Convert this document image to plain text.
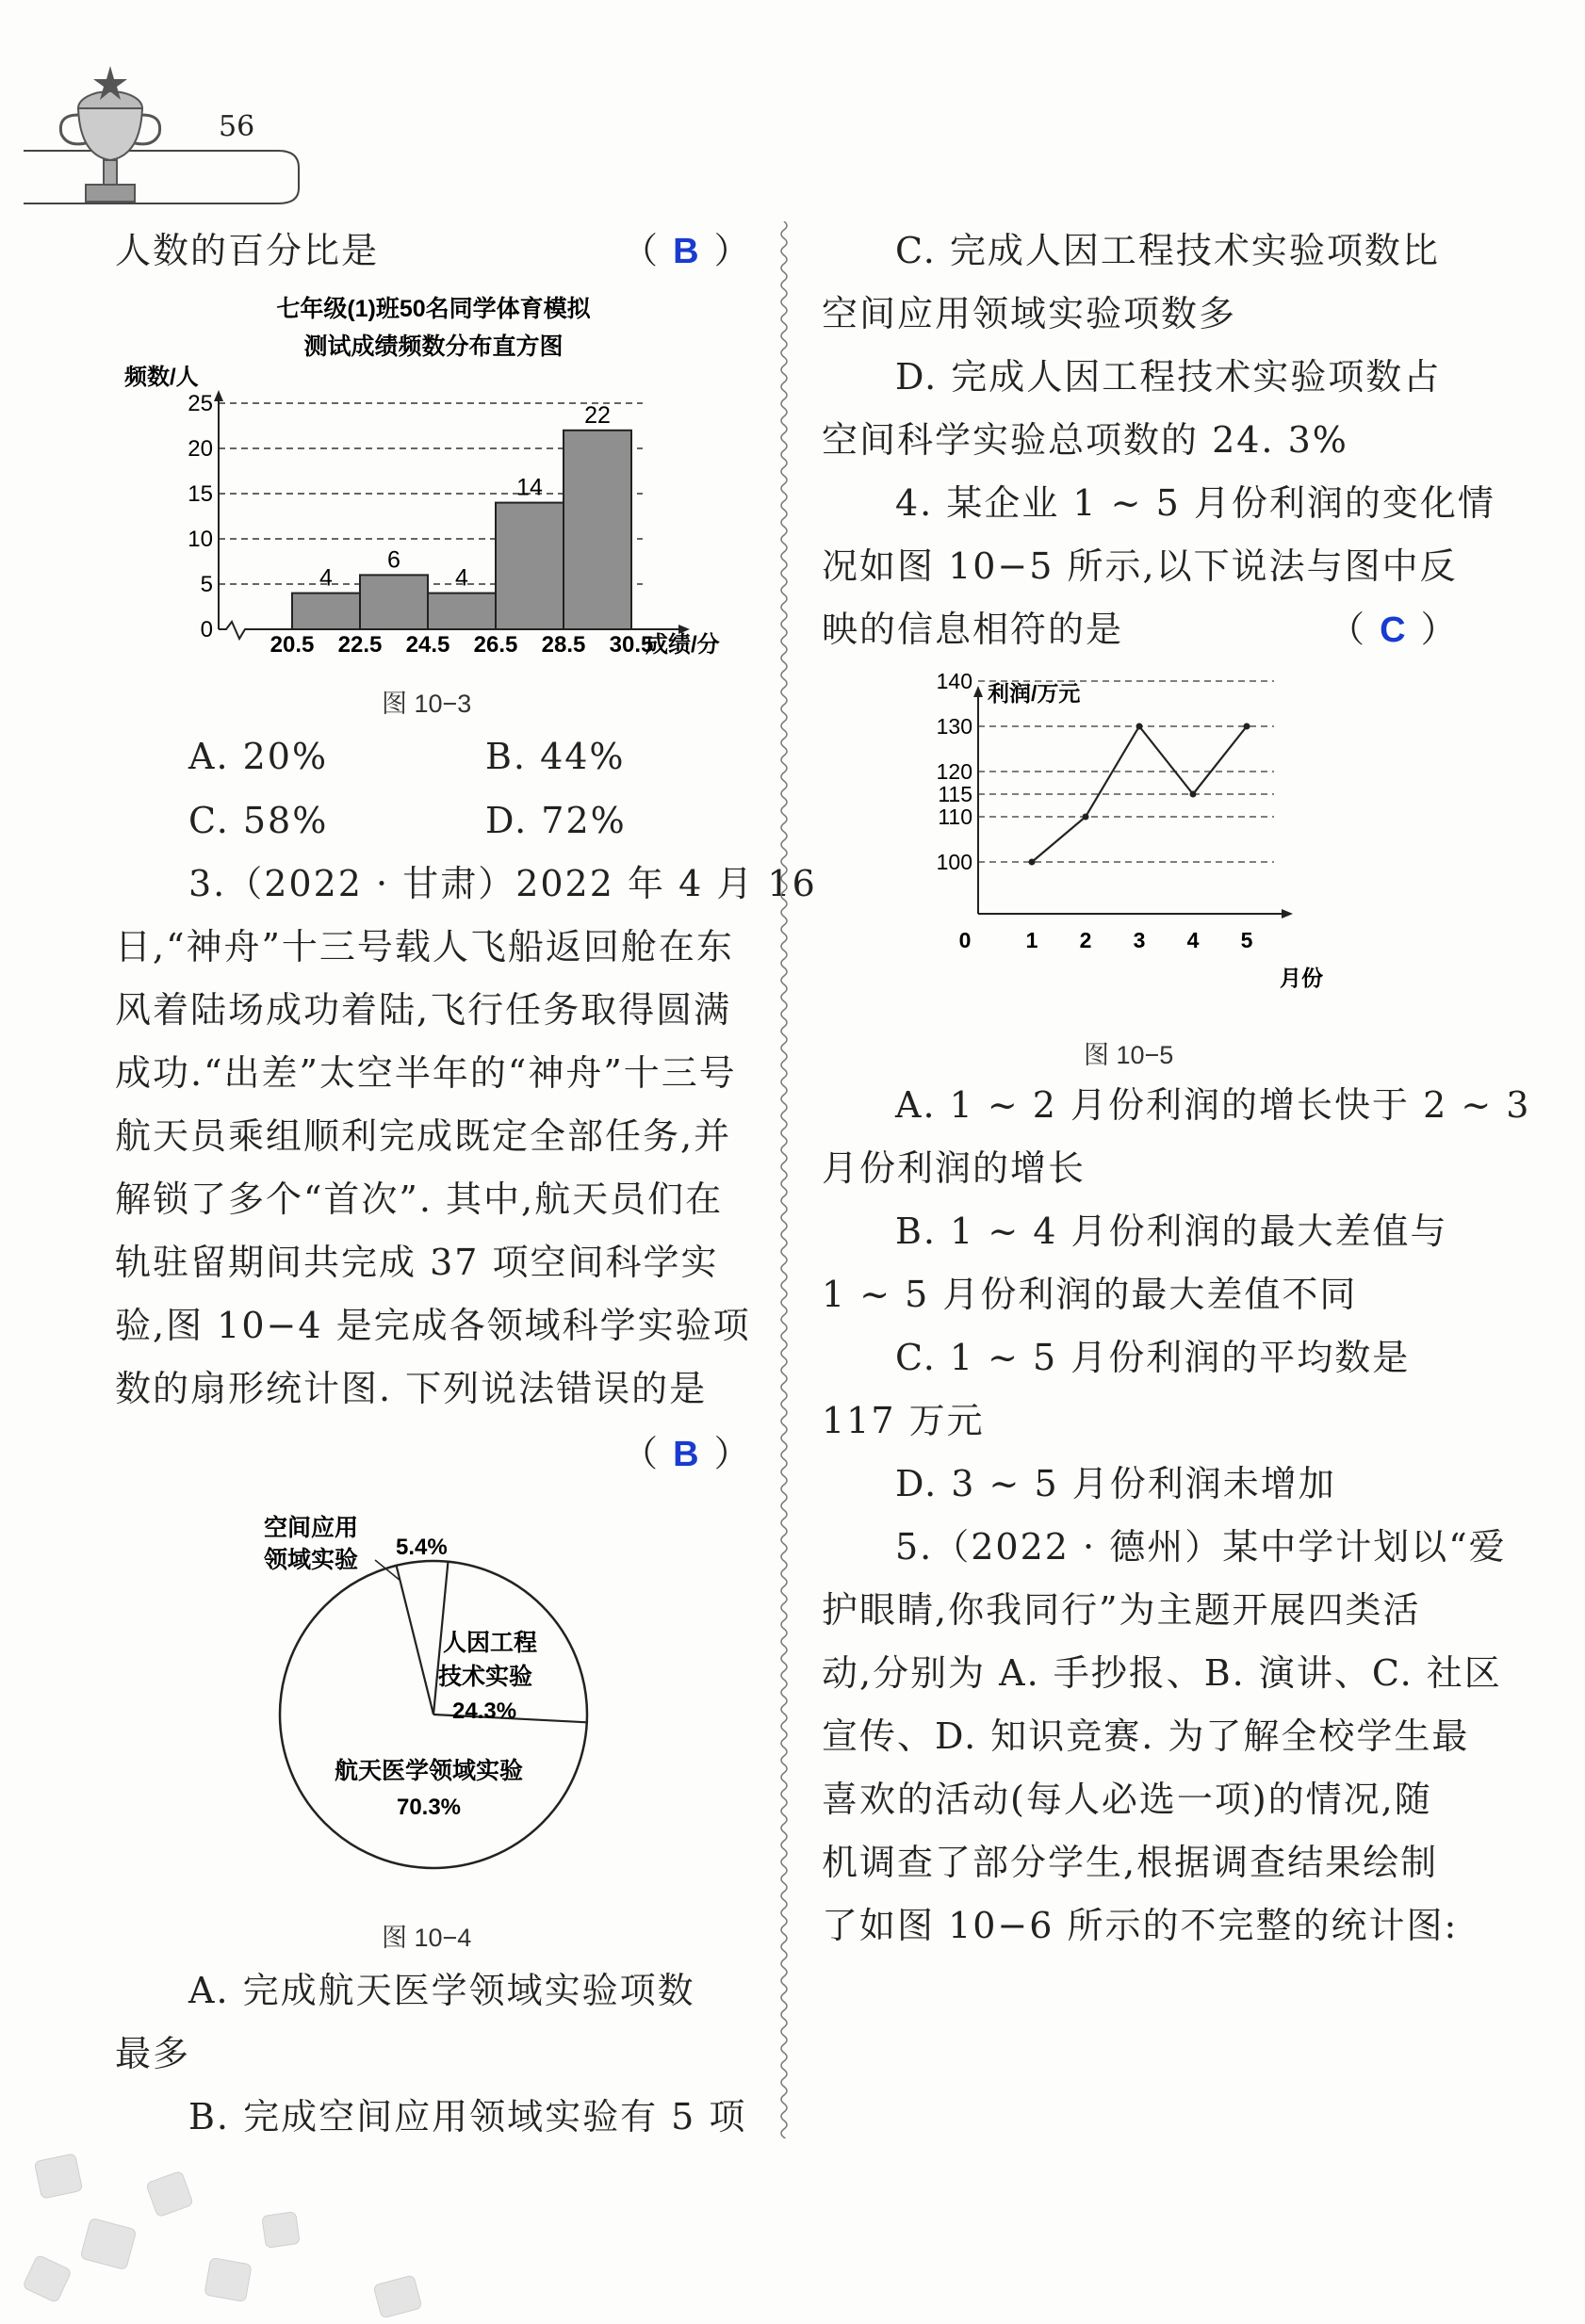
56
人数的百分比是	（ B ）
七年级(1)班50名同学体育模拟
测试成绩频数分布直方图
频数/人
4
6
4
14
22
0
5
10
15
20
25
20.5 22.5 24.5 26.5 28.5 30.5
成绩/分
图 10−3
A. 20%	B. 44%
C. 58%	D. 72%
3.（2022 · 甘肃）2022 年 4 月 16
日,“神舟”十三号载人飞船返回舱在东
风着陆场成功着陆,飞行任务取得圆满
成功.“出差”太空半年的“神舟”十三号
航天员乘组顺利完成既定全部任务,并
解锁了多个“首次”. 其中,航天员们在
轨驻留期间共完成 37 项空间科学实
验,图 10−4 是完成各领域科学实验项
数的扇形统计图. 下列说法错误的是
（ B ）
空间应用
领域实验 5.4%
人因工程
技术实验
24.3%
航天医学领域实验
70.3%
图 10−4
A. 完成航天医学领域实验项数
最多
B. 完成空间应用领域实验有 5 项
C. 完成人因工程技术实验项数比
空间应用领域实验项数多
D. 完成人因工程技术实验项数占
空间科学实验总项数的 24. 3%
4. 某企业 1 ~ 5 月份利润的变化情
况如图 10−5 所示,以下说法与图中反
映的信息相符的是	（ C ）
利润/万元
100
110
115
120
130
140
0	1 2 3 4 5
月份
图 10−5
A. 1 ~ 2 月份利润的增长快于 2 ~ 3
月份利润的增长
B. 1 ~ 4 月份利润的最大差值与
1 ~ 5 月份利润的最大差值不同
C. 1 ~ 5 月份利润的平均数是
117 万元
D. 3 ~ 5 月份利润未增加
5.（2022 · 德州）某中学计划以“爱
护眼睛,你我同行”为主题开展四类活
动,分别为 A. 手抄报、B. 演讲、C. 社区
宣传、D. 知识竞赛. 为了解全校学生最
喜欢的活动(每人必选一项)的情况,随
机调查了部分学生,根据调查结果绘制
了如图 10−6 所示的不完整的统计图:
